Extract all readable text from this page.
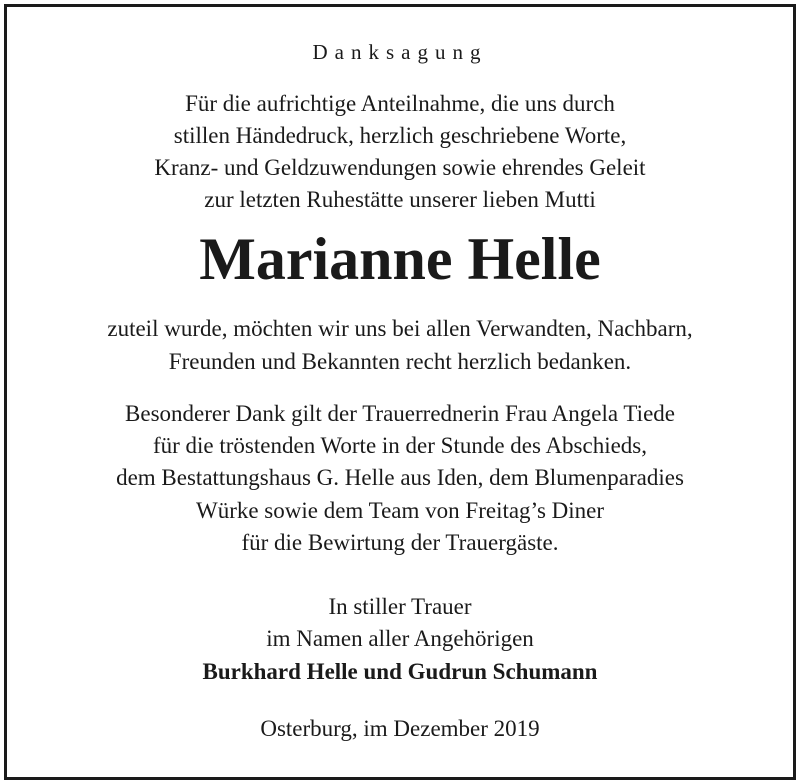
Danksagung
Für die aufrichtige Anteilnahme, die uns durch
stillen Händedruck, herzlich geschriebene Worte,
Kranz- und Geldzuwendungen sowie ehrendes Geleit
zur letzten Ruhestätte unserer lieben Mutti
Marianne Helle
zuteil wurde, möchten wir uns bei allen Verwandten, Nachbarn,
Freunden und Bekannten recht herzlich bedanken.
Besonderer Dank gilt der Trauerrednerin Frau Angela Tiede
für die tröstenden Worte in der Stunde des Abschieds,
dem Bestattungshaus G. Helle aus Iden, dem Blumenparadies
Würke sowie dem Team von Freitag’s Diner
für die Bewirtung der Trauergäste.
In stiller Trauer
im Namen aller Angehörigen
Burkhard Helle und Gudrun Schumann
Osterburg, im Dezember 2019
